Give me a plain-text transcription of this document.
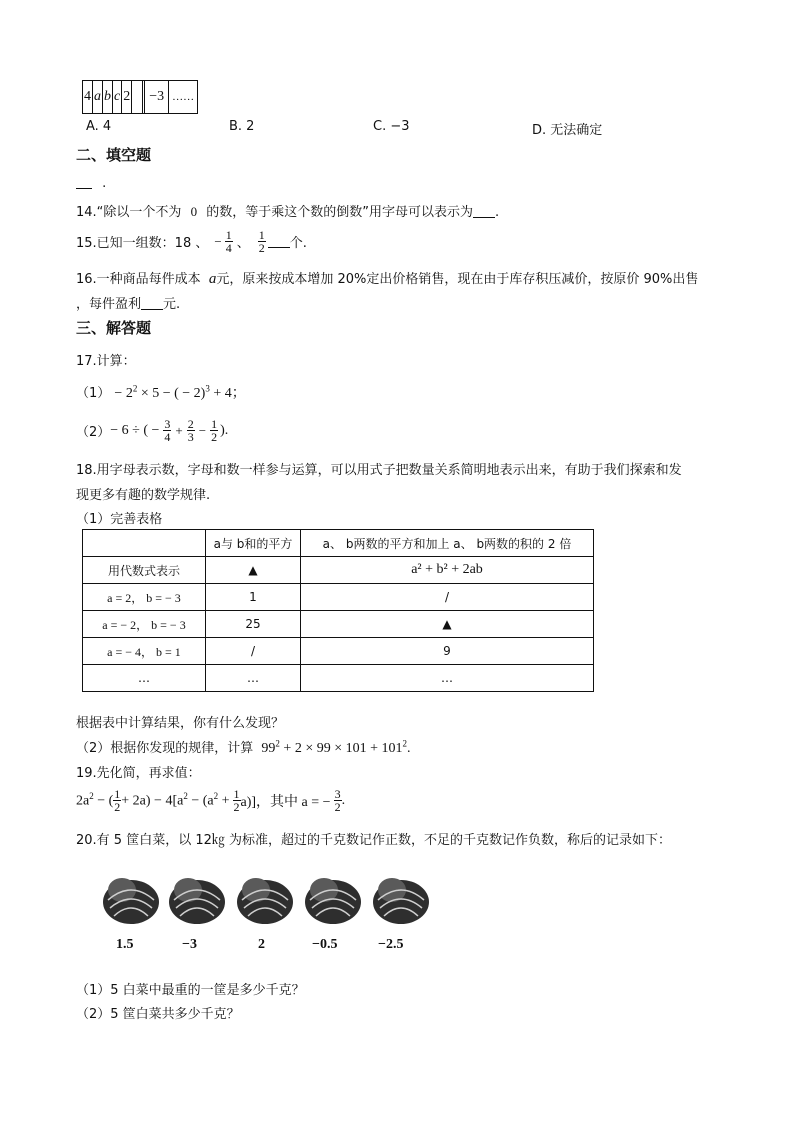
4 a b c 2 −3 ……
A. 4	B. 2	C. −3	D. 无法确定
二、填空题
.
14.“除以一个不为 0 的数，等于乘这个数的倒数”用字母可以表示为 .
15.已知一组数：18 、 − $\frac{1}{4}$ 、 $\frac{1}{2}$ 个.
16.一种商品每件成本 a元，原来按成本增加 20%定出价格销售，现在由于库存积压减价，按原价 90%出售
，每件盈利 元.
三、解答题
17.计算：
$(1) - 2^2 \times 5$ − ( − 2)$^3$ + 4；
（2） − 6 ÷ ( − $\frac{3}{4} + \frac{2}{3} - \frac{1}{2}$ ).
18.用字母表示数，字母和数一样参与运算，可以用式子把数量关系简明地表示出来，有助于我们探索和发
现更多有趣的数学规律.
（1）完善表格
	a与 b和的平方	a、 b两数的平方和加上 a、 b两数的积的 2 倍
用代数式表示	▲	a² + b² + 2ab
a = 2， b = − 3	1	/
a = − 2， b = − 3	25	▲
a = − 4， b = 1	/	9
…	…	…
根据表中计算结果，你有什么发现？
（2）根据你发现的规律，计算 $99^2 + 2 \times 99 \times 101 + 101^2$.
19.先化简，再求值：
$2a^2$ − ( $\frac{1}{2} + 2a) - 4[a^2 - (a^2 + \frac{1}{2} a)]$，其中 a = − $\frac{3}{2}$ .
20.有 5 筐白菜，以 12㎏ 为标准，超过的千克数记作正数，不足的千克数记作负数，称后的记录如下：
1.5	−3	2	−0.5	−2.5
（1）5 白菜中最重的一筐是多少千克？
（2）5 筐白菜共多少千克？
